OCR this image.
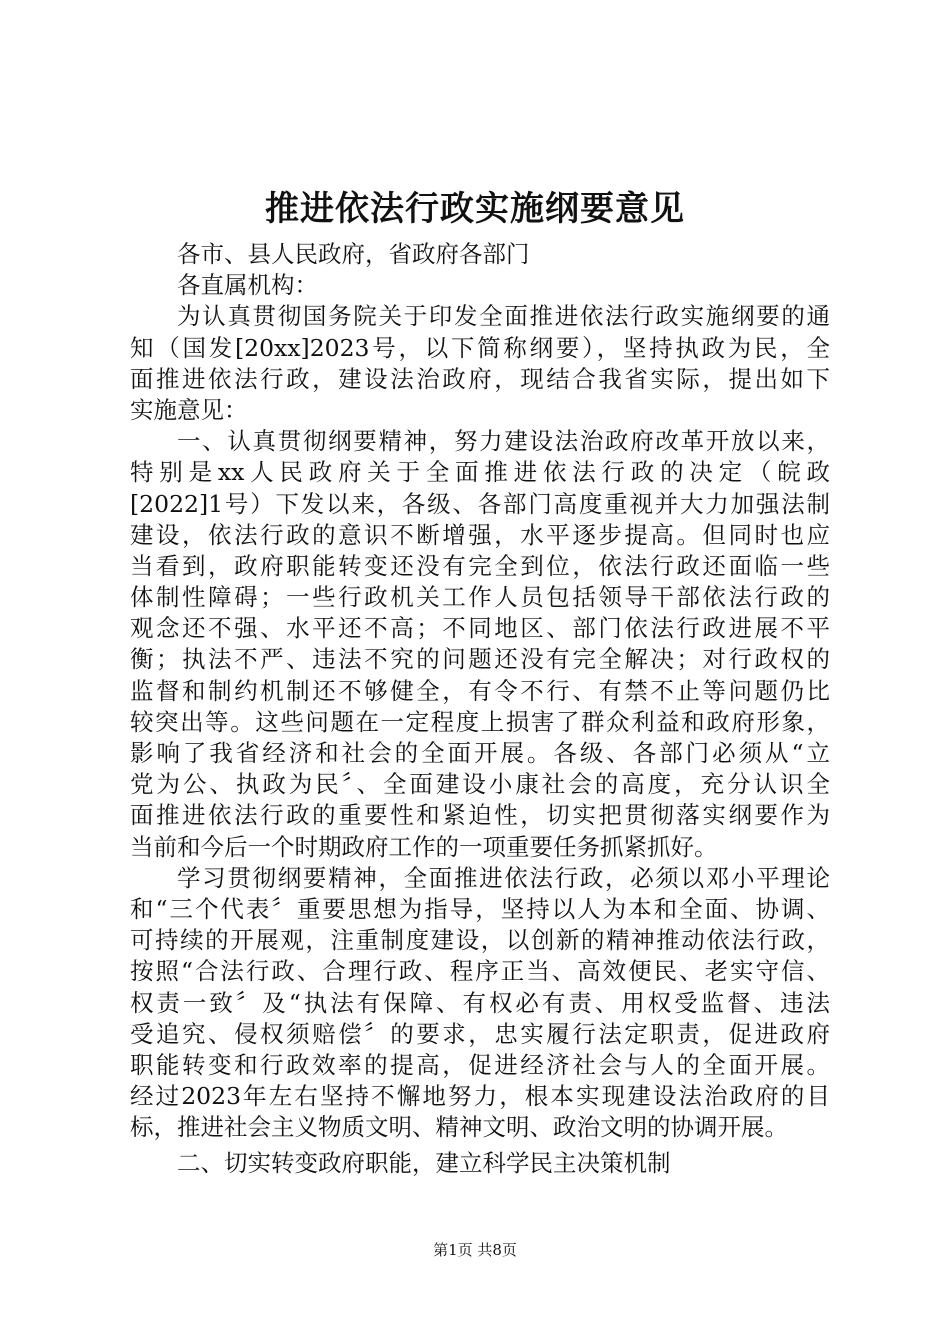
推进依法行政实施纲要意见
各市、县人民政府，省政府各部门
各直属机构：
为认真贯彻国务院关于印发全面推进依法行政实施纲要的通
知（国发[20xx]2023号，以下简称纲要），坚持执政为民，全
面推进依法行政，建设法治政府，现结合我省实际，提出如下
实施意见：
一、认真贯彻纲要精神，努力建设法治政府改革开放以来，
特别是xx人民政府关于全面推进依法行政的决定（皖政
[2022]1号）下发以来，各级、各部门高度重视并大力加强法制
建设，依法行政的意识不断增强，水平逐步提高。但同时也应
当看到，政府职能转变还没有完全到位，依法行政还面临一些
体制性障碍；一些行政机关工作人员包括领导干部依法行政的
观念还不强、水平还不高；不同地区、部门依法行政进展不平
衡；执法不严、违法不究的问题还没有完全解决；对行政权的
监督和制约机制还不够健全，有令不行、有禁不止等问题仍比
较突出等。这些问题在一定程度上损害了群众利益和政府形象，
影响了我省经济和社会的全面开展。各级、各部门必须从“立
党为公、执政为民〞、全面建设小康社会的高度，充分认识全
面推进依法行政的重要性和紧迫性，切实把贯彻落实纲要作为
当前和今后一个时期政府工作的一项重要任务抓紧抓好。
学习贯彻纲要精神，全面推进依法行政，必须以邓小平理论
和“三个代表〞重要思想为指导，坚持以人为本和全面、协调、
可持续的开展观，注重制度建设，以创新的精神推动依法行政，
按照“合法行政、合理行政、程序正当、高效便民、老实守信、
权责一致〞及“执法有保障、有权必有责、用权受监督、违法
受追究、侵权须赔偿〞的要求，忠实履行法定职责，促进政府
职能转变和行政效率的提高，促进经济社会与人的全面开展。
经过2023年左右坚持不懈地努力，根本实现建设法治政府的目
标，推进社会主义物质文明、精神文明、政治文明的协调开展。
二、切实转变政府职能，建立科学民主决策机制
第1页 共8页
